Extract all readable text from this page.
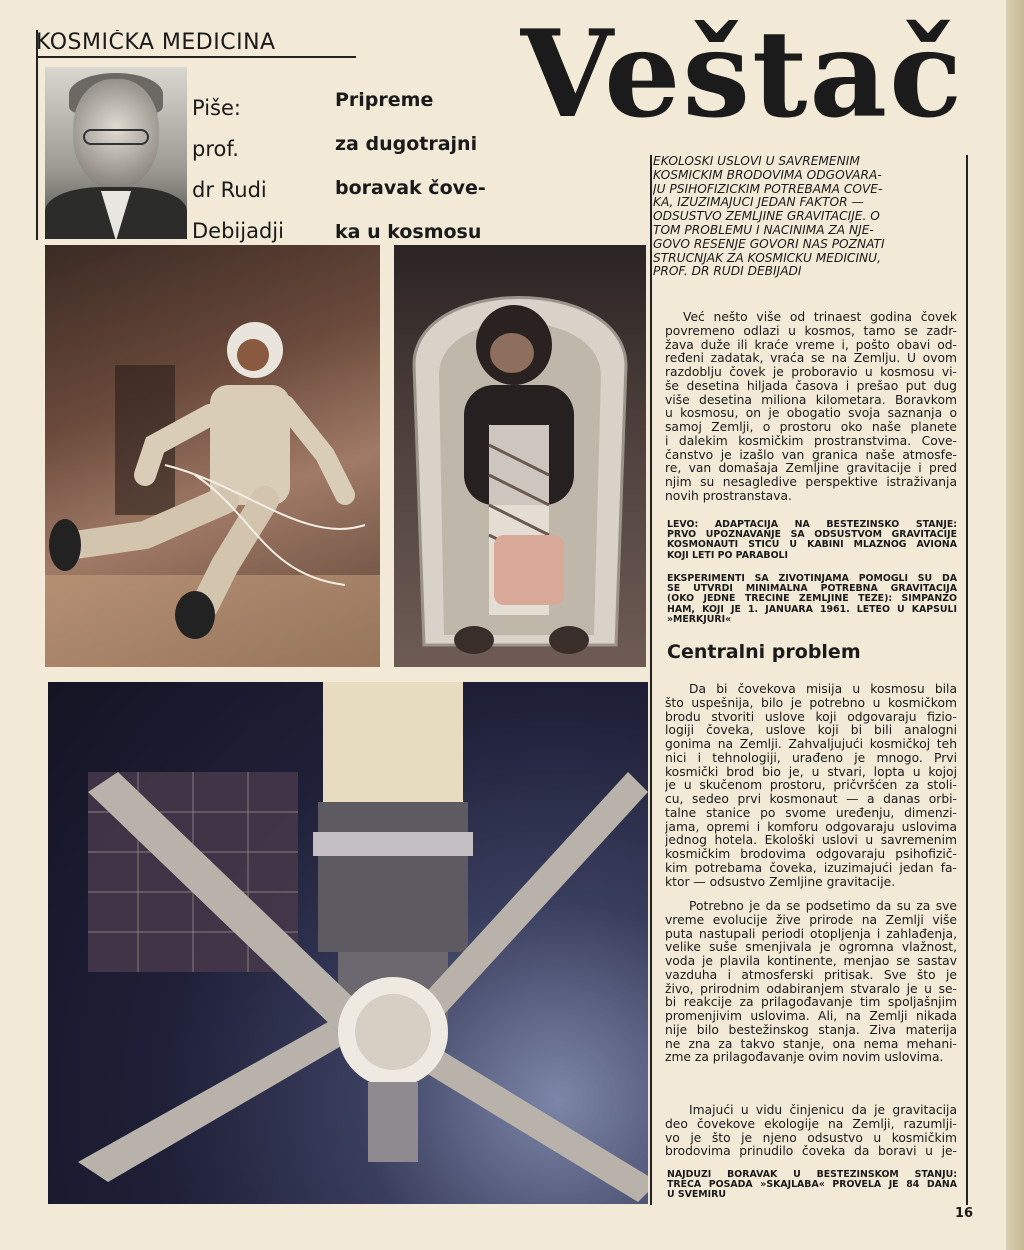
KOSMIČKA MEDICINA
Piše:
prof.
dr Rudi
Debijadji
Pripreme
za dugotrajni
boravak čove-
ka u kosmosu
Veštač
EKOLOŠKI USLOVI U SAVREMENIM
KOSMIČKIM BRODOVIMA ODGOVARA-
JU PSIHOFIZIČKIM POTREBAMA ČOVE-
KA, IZUZIMAJUĆI JEDAN FAKTOR —
ODSUSTVO ZEMLJINE GRAVITACIJE. O
TOM PROBLEMU I NAČINIMA ZA NJE-
GOVO REŠENJE GOVORI NAŠ POZNATI
STRUČNJAK ZA KOSMIČKU MEDICINU,
PROF. DR RUDI DEBIJADI
Već nešto više od trinaest godina čovek
povremeno odlazi u kosmos, tamo se zadr-
žava duže ili kraće vreme i, pošto obavi od-
ređeni zadatak, vraća se na Zemlju. U ovom
razdoblju čovek je proboravio u kosmosu vi-
še desetina hiljada časova i prešao put dug
više desetina miliona kilometara. Boravkom
u kosmosu, on je obogatio svoja saznanja o
samoj Zemlji, o prostoru oko naše planete
i dalekim kosmičkim prostranstvima. Čove-
čanstvo je izašlo van granica naše atmosfe-
re, van domašaja Zemljine gravitacije i pred
njim su nesagledive perspektive istraživanja
novih prostranstava.
LEVO: ADAPTACIJA NA BESTEŽINSKO STANJE:
PRVO UPOZNAVANJE SA ODSUSTVOM GRAVITACIJE
KOSMONAUTI STIČU U KABINI MLAZNOG AVIONA
KOJI LETI PO PARABOLI
EKSPERIMENTI SA ŽIVOTINJAMA POMOGLI SU DA
SE UTVRDI MINIMALNA POTREBNA GRAVITACIJA
(OKO JEDNE TREĆINE ZEMLJINE TEŽE): ŠIMPANZO
HAM, KOJI JE 1. JANUARA 1961. LETEO U KAPSULI
»MERKJURI«
Centralni problem
Da bi čovekova misija u kosmosu bila
što uspešnija, bilo je potrebno u kosmičkom
brodu stvoriti uslove koji odgovaraju fizio-
logiji čoveka, uslove koji bi bili analogni
gonima na Zemlji. Zahvaljujući kosmičkoj teh
nici i tehnologiji, urađeno je mnogo. Prvi
kosmički brod bio je, u stvari, lopta u kojoj
je u skučenom prostoru, pričvršćen za stoli-
cu, sedeo prvi kosmonaut — a danas orbi-
talne stanice po svome uređenju, dimenzi-
jama, opremi i komforu odgovaraju uslovima
jednog hotela. Ekološki uslovi u savremenim
kosmičkim brodovima odgovaraju psihofizič-
kim potrebama čoveka, izuzimajući jedan fa-
ktor — odsustvo Zemljine gravitacije.
Potrebno je da se podsetimo da su za sve
vreme evolucije žive prirode na Zemlji više
puta nastupali periodi otopljenja i zahlađenja,
velike suše smenjivala je ogromna vlažnost,
voda je plavila kontinente, menjao se sastav
vazduha i atmosferski pritisak. Sve što je
živo, prirodnim odabiranjem stvaralo je u se-
bi reakcije za prilagođavanje tim spoljašnjim
promenjivim uslovima. Ali, na Zemlji nikada
nije bilo bestežinskog stanja. Živa materija
ne zna za takvo stanje, ona nema mehani-
zme za prilagođavanje ovim novim uslovima.
Imajući u vidu činjenicu da je gravitacija
deo čovekove ekologije na Zemlji, razumlji-
vo je što je njeno odsustvo u kosmičkim
brodovima prinudilo čoveka da boravi u je-
NAJDUŽI BORAVAK U BESTEŽINSKOM STANJU:
TREĆA POSADA »SKAJLABA« PROVELA JE 84 DANA
U SVEMIRU
16
